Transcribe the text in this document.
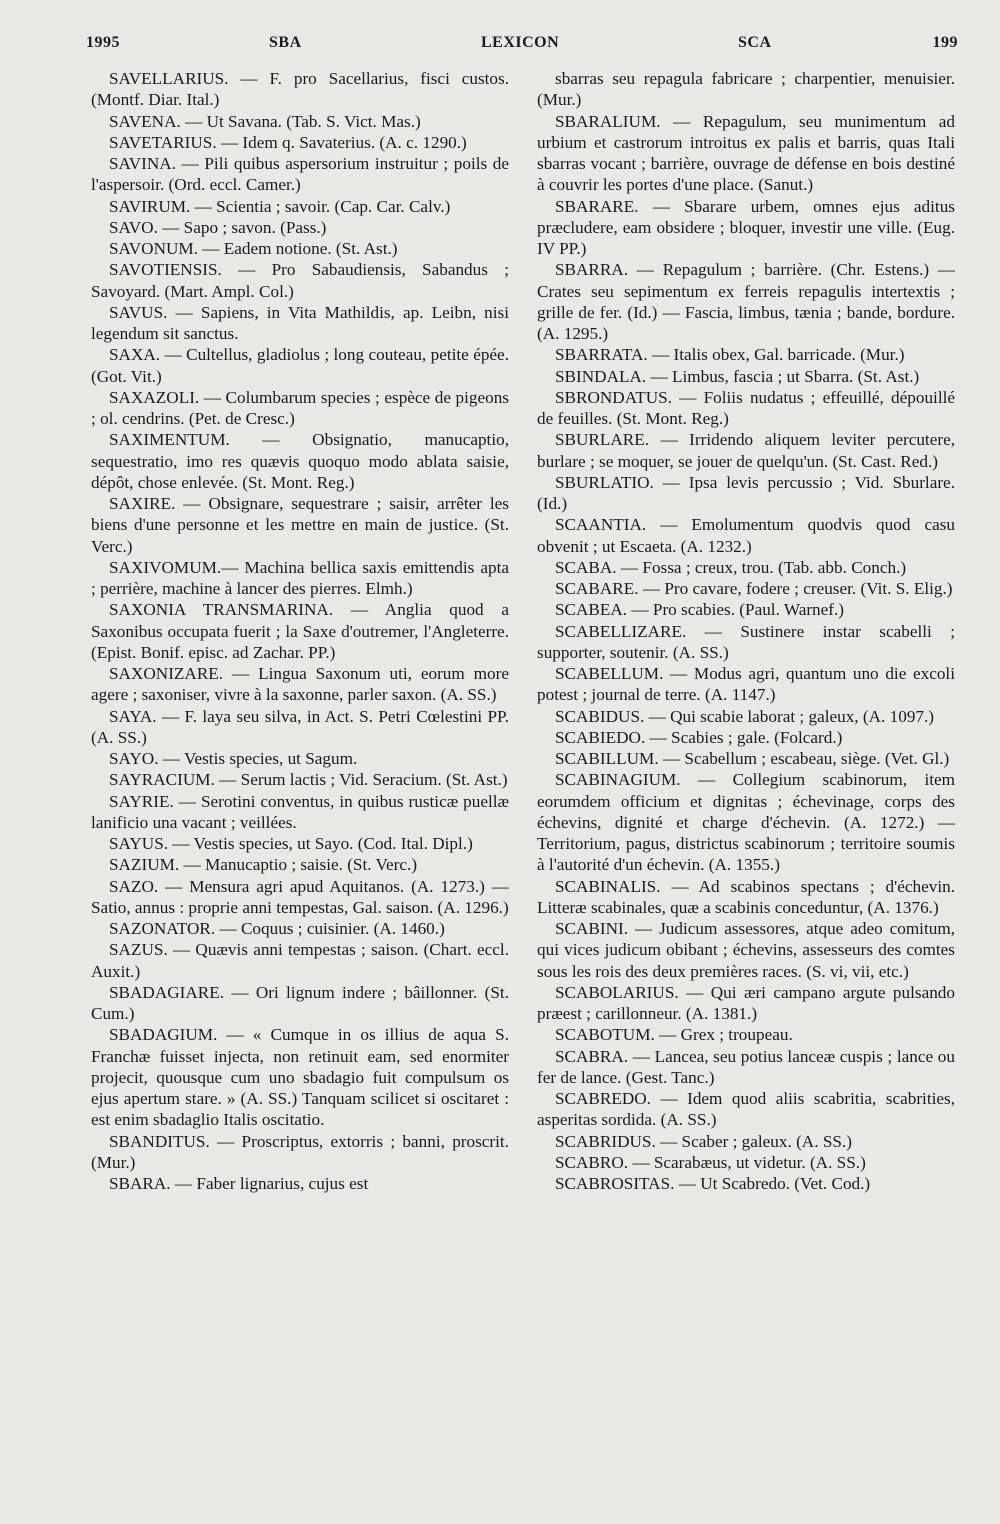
1995	SBA	LEXICON	SCA	199

SAVELLARIUS. — F. pro Sacellarius, fisci custos. (Montf. Diar. Ital.)

SAVENA. — Ut Savana. (Tab. S. Vict. Mas.)

SAVETARIUS. — Idem q. Savaterius. (A. c. 1290.)

SAVINA. — Pili quibus aspersorium instruitur ; poils de l'aspersoir. (Ord. eccl. Camer.)

SAVIRUM. — Scientia ; savoir. (Cap. Car. Calv.)

SAVO. — Sapo ; savon. (Pass.)

SAVONUM. — Eadem notione. (St. Ast.)

SAVOTIENSIS. — Pro Sabaudiensis, Sabandus ; Savoyard. (Mart. Ampl. Col.)

SAVUS. — Sapiens, in Vita Mathildis, ap. Leibn, nisi legendum sit sanctus.

SAXA. — Cultellus, gladiolus ; long couteau, petite épée. (Got. Vit.)

SAXAZOLI. — Columbarum species ; espèce de pigeons ; ol. cendrins. (Pet. de Cresc.)

SAXIMENTUM. — Obsignatio, manucaptio, sequestratio, imo res quævis quoquo modo ablata saisie, dépôt, chose enlevée. (St. Mont. Reg.)

SAXIRE. — Obsignare, sequestrare ; saisir, arrêter les biens d'une personne et les mettre en main de justice. (St. Verc.)

SAXIVOMUM.— Machina bellica saxis emittendis apta ; perrière, machine à lancer des pierres. Elmh.)

SAXONIA TRANSMARINA. — Anglia quod a Saxonibus occupata fuerit ; la Saxe d'outremer, l'Angleterre. (Epist. Bonif. episc. ad Zachar. PP.)

SAXONIZARE. — Lingua Saxonum uti, eorum more agere ; saxoniser, vivre à la saxonne, parler saxon. (A. SS.)

SAYA. — F. laya seu silva, in Act. S. Petri Cœlestini PP. (A. SS.)

SAYO. — Vestis species, ut Sagum.

SAYRACIUM. — Serum lactis ; Vid. Seracium. (St. Ast.)

SAYRIE. — Serotini conventus, in quibus rusticæ puellæ lanificio una vacant ; veillées.

SAYUS. — Vestis species, ut Sayo. (Cod. Ital. Dipl.)

SAZIUM. — Manucaptio ; saisie. (St. Verc.)

SAZO. — Mensura agri apud Aquitanos. (A. 1273.) — Satio, annus : proprie anni tempestas, Gal. saison. (A. 1296.)

SAZONATOR. — Coquus ; cuisinier. (A. 1460.)

SAZUS. — Quævis anni tempestas ; saison. (Chart. eccl. Auxit.)

SBADAGIARE. — Ori lignum indere ; bâillonner. (St. Cum.)

SBADAGIUM. — « Cumque in os illius de aqua S. Franchæ fuisset injecta, non retinuit eam, sed enormiter projecit, quousque cum uno sbadagio fuit compulsum os ejus apertum stare. » (A. SS.) Tanquam scilicet si oscitaret : est enim sbadaglio Italis oscitatio.

SBANDITUS. — Proscriptus, extorris ; banni, proscrit. (Mur.)

SBARA. — Faber lignarius, cujus est

sbarras seu repagula fabricare ; charpentier, menuisier. (Mur.)

SBARALIUM. — Repagulum, seu munimentum ad urbium et castrorum introitus ex palis et barris, quas Itali sbarras vocant ; barrière, ouvrage de défense en bois destiné à couvrir les portes d'une place. (Sanut.)

SBARARE. — Sbarare urbem, omnes ejus aditus præcludere, eam obsidere ; bloquer, investir une ville. (Eug. IV PP.)

SBARRA. — Repagulum ; barrière. (Chr. Estens.) — Crates seu sepimentum ex ferreis repagulis intertextis ; grille de fer. (Id.) — Fascia, limbus, tænia ; bande, bordure. (A. 1295.)

SBARRATA. — Italis obex, Gal. barricade. (Mur.)

SBINDALA. — Limbus, fascia ; ut Sbarra. (St. Ast.)

SBRONDATUS. — Foliis nudatus ; effeuillé, dépouillé de feuilles. (St. Mont. Reg.)

SBURLARE. — Irridendo aliquem leviter percutere, burlare ; se moquer, se jouer de quelqu'un. (St. Cast. Red.)

SBURLATIO. — Ipsa levis percussio ; Vid. Sburlare. (Id.)

SCAANTIA. — Emolumentum quodvis quod casu obvenit ; ut Escaeta. (A. 1232.)

SCABA. — Fossa ; creux, trou. (Tab. abb. Conch.)

SCABARE. — Pro cavare, fodere ; creuser. (Vit. S. Elig.)

SCABEA. — Pro scabies. (Paul. Warnef.)

SCABELLIZARE. — Sustinere instar scabelli ; supporter, soutenir. (A. SS.)

SCABELLUM. — Modus agri, quantum uno die excoli potest ; journal de terre. (A. 1147.)

SCABIDUS. — Qui scabie laborat ; galeux, (A. 1097.)

SCABIEDO. — Scabies ; gale. (Folcard.)

SCABILLUM. — Scabellum ; escabeau, siège. (Vet. Gl.)

SCABINAGIUM. — Collegium scabinorum, item eorumdem officium et dignitas ; échevinage, corps des échevins, dignité et charge d'échevin. (A. 1272.) — Territorium, pagus, districtus scabinorum ; territoire soumis à l'autorité d'un échevin. (A. 1355.)

SCABINALIS. — Ad scabinos spectans ; d'échevin. Litteræ scabinales, quæ a scabinis conceduntur, (A. 1376.)

SCABINI. — Judicum assessores, atque adeo comitum, qui vices judicum obibant ; échevins, assesseurs des comtes sous les rois des deux premières races. (S. vi, vii, etc.)

SCABOLARIUS. — Qui æri campano argute pulsando præest ; carillonneur. (A. 1381.)

SCABOTUM. — Grex ; troupeau.

SCABRA. — Lancea, seu potius lanceæ cuspis ; lance ou fer de lance. (Gest. Tanc.)

SCABREDO. — Idem quod aliis scabritia, scabrities, asperitas sordida. (A. SS.)

SCABRIDUS. — Scaber ; galeux. (A. SS.)

SCABRO. — Scarabæus, ut videtur. (A. SS.)

SCABROSITAS. — Ut Scabredo. (Vet. Cod.)
